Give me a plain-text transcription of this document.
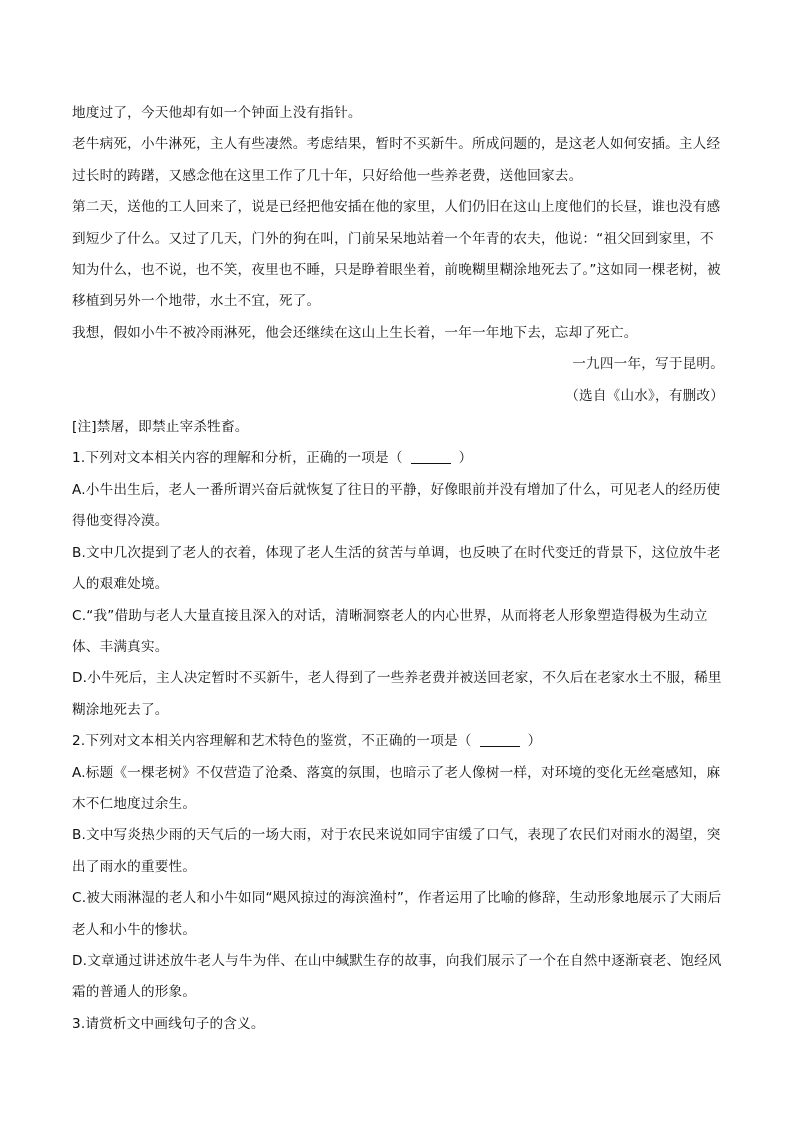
地度过了，今天他却有如一个钟面上没有指针。

老牛病死，小牛淋死，主人有些凄然。考虑结果，暂时不买新牛。所成问题的，是这老人如何安插。主人经过长时的踌躇，又感念他在这里工作了几十年，只好给他一些养老费，送他回家去。

第二天，送他的工人回来了，说是已经把他安插在他的家里，人们仍旧在这山上度他们的长昼，谁也没有感到短少了什么。又过了几天，门外的狗在叫，门前呆呆地站着一个年青的农夫，他说：“祖父回到家里，不知为什么，也不说，也不笑，夜里也不睡，只是睁着眼坐着，前晚糊里糊涂地死去了。”这如同一棵老树，被移植到另外一个地带，水土不宜，死了。

我想，假如小牛不被冷雨淋死，他会还继续在这山上生长着，一年一年地下去，忘却了死亡。

一九四一年，写于昆明。

（选自《山水》，有删改）

[注]禁屠，即禁止宰杀牲畜。

1.下列对文本相关内容的理解和分析，正确的一项是（	）

A.小牛出生后，老人一番所谓兴奋后就恢复了往日的平静，好像眼前并没有增加了什么，可见老人的经历使得他变得冷漠。

B.文中几次提到了老人的衣着，体现了老人生活的贫苦与单调，也反映了在时代变迁的背景下，这位放牛老人的艰难处境。

C.“我”借助与老人大量直接且深入的对话，清晰洞察老人的内心世界，从而将老人形象塑造得极为生动立体、丰满真实。

D.小牛死后，主人决定暂时不买新牛，老人得到了一些养老费并被送回老家，不久后在老家水土不服，稀里糊涂地死去了。

2.下列对文本相关内容理解和艺术特色的鉴赏，不正确的一项是（	）

A.标题《一棵老树》不仅营造了沧桑、落寞的氛围，也暗示了老人像树一样，对环境的变化无丝毫感知，麻木不仁地度过余生。

B.文中写炎热少雨的天气后的一场大雨，对于农民来说如同宇宙缓了口气，表现了农民们对雨水的渴望，突出了雨水的重要性。

C.被大雨淋湿的老人和小牛如同“飓风掠过的海滨渔村”，作者运用了比喻的修辞，生动形象地展示了大雨后老人和小牛的惨状。

D.文章通过讲述放牛老人与牛为伴、在山中缄默生存的故事，向我们展示了一个在自然中逐渐衰老、饱经风霜的普通人的形象。

3.请赏析文中画线句子的含义。
